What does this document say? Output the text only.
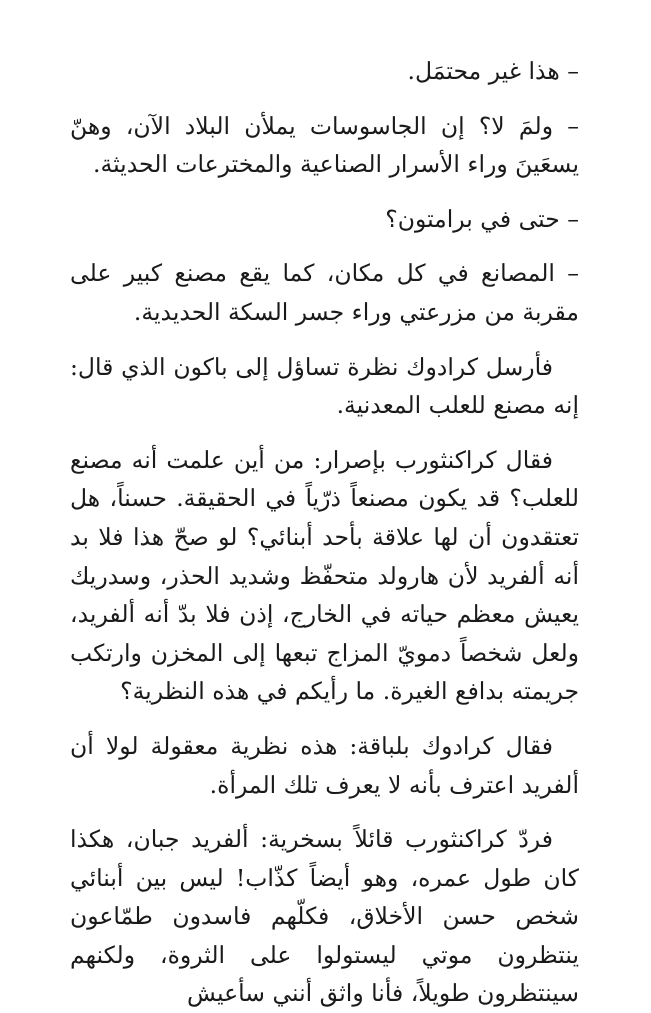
– هذا غير محتمَل.

– ولمَ لا؟ إن الجاسوسات يملأن البلاد الآن، وهنّ يسعَينَ وراء الأسرار الصناعية والمخترعات الحديثة.

– حتى في برامتون؟

– المصانع في كل مكان، كما يقع مصنع كبير على مقربة من مزرعتي وراء جسر السكة الحديدية.

فأرسل كرادوك نظرة تساؤل إلى باكون الذي قال: إنه مصنع للعلب المعدنية.

فقال كراكنثورب بإصرار: من أين علمت أنه مصنع للعلب؟ قد يكون مصنعاً ذرّياً في الحقيقة. حسناً، هل تعتقدون أن لها علاقة بأحد أبنائي؟ لو صحّ هذا فلا بد أنه ألفريد لأن هارولد متحفّظ وشديد الحذر، وسدريك يعيش معظم حياته في الخارج، إذن فلا بدّ أنه ألفريد، ولعل شخصاً دمويّ المزاج تبعها إلى المخزن وارتكب جريمته بدافع الغيرة. ما رأيكم في هذه النظرية؟

فقال كرادوك بلباقة: هذه نظرية معقولة لولا أن ألفريد اعترف بأنه لا يعرف تلك المرأة.

فردّ كراكنثورب قائلاً بسخرية: ألفريد جبان، هكذا كان طول عمره، وهو أيضاً كذّاب! ليس بين أبنائي شخص حسن الأخلاق، فكلّهم فاسدون طمّاعون ينتظرون موتي ليستولوا على الثروة، ولكنهم سينتظرون طويلاً، فأنا واثق أنني سأعيش
